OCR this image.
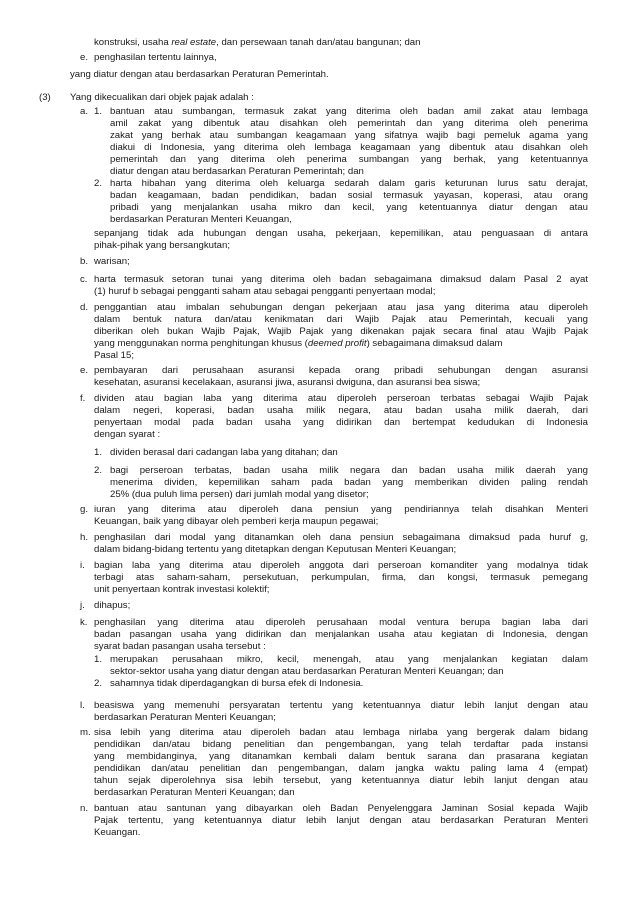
konstruksi, usaha real estate, dan persewaan tanah dan/atau bangunan; dan

e. penghasilan tertentu lainnya,

yang diatur dengan atau berdasarkan Peraturan Pemerintah.

(3) Yang dikecualikan dari objek pajak adalah :

a. 1. bantuan atau sumbangan, termasuk zakat yang diterima oleh badan amil zakat atau lembaga

amil zakat yang dibentuk atau disahkan oleh pemerintah dan yang diterima oleh penerima

zakat yang berhak atau sumbangan keagamaan yang sifatnya wajib bagi pemeluk agama yang

diakui di Indonesia, yang diterima oleh lembaga keagamaan yang dibentuk atau disahkan oleh

pemerintah dan yang diterima oleh penerima sumbangan yang berhak, yang ketentuannya

diatur dengan atau berdasarkan Peraturan Pemerintah; dan

2. harta hibahan yang diterima oleh keluarga sedarah dalam garis keturunan lurus satu derajat,

badan keagamaan, badan pendidikan, badan sosial termasuk yayasan, koperasi, atau orang

pribadi yang menjalankan usaha mikro dan kecil, yang ketentuannya diatur dengan atau

berdasarkan Peraturan Menteri Keuangan,

sepanjang tidak ada hubungan dengan usaha, pekerjaan, kepemilikan, atau penguasaan di antara

pihak-pihak yang bersangkutan;

b. warisan;

c. harta termasuk setoran tunai yang diterima oleh badan sebagaimana dimaksud dalam Pasal 2 ayat

(1) huruf b sebagai pengganti saham atau sebagai pengganti penyertaan modal;

d. penggantian atau imbalan sehubungan dengan pekerjaan atau jasa yang diterima atau diperoleh

dalam bentuk natura dan/atau kenikmatan dari Wajib Pajak atau Pemerintah, kecuali yang

diberikan oleh bukan Wajib Pajak, Wajib Pajak yang dikenakan pajak secara final atau Wajib Pajak

yang menggunakan norma penghitungan khusus (deemed profit) sebagaimana dimaksud dalam

Pasal 15;

e. pembayaran dari perusahaan asuransi kepada orang pribadi sehubungan dengan asuransi

kesehatan, asuransi kecelakaan, asuransi jiwa, asuransi dwiguna, dan asuransi bea siswa;

f. dividen atau bagian laba yang diterima atau diperoleh perseroan terbatas sebagai Wajib Pajak

dalam negeri, koperasi, badan usaha milik negara, atau badan usaha milik daerah, dari

penyertaan modal pada badan usaha yang didirikan dan bertempat kedudukan di Indonesia

dengan syarat :

1. dividen berasal dari cadangan laba yang ditahan; dan

2. bagi perseroan terbatas, badan usaha milik negara dan badan usaha milik daerah yang

menerima dividen, kepemilikan saham pada badan yang memberikan dividen paling rendah

25% (dua puluh lima persen) dari jumlah modal yang disetor;

g. iuran yang diterima atau diperoleh dana pensiun yang pendiriannya telah disahkan Menteri

Keuangan, baik yang dibayar oleh pemberi kerja maupun pegawai;

h. penghasilan dari modal yang ditanamkan oleh dana pensiun sebagaimana dimaksud pada huruf g,

dalam bidang-bidang tertentu yang ditetapkan dengan Keputusan Menteri Keuangan;

i. bagian laba yang diterima atau diperoleh anggota dari perseroan komanditer yang modalnya tidak

terbagi atas saham-saham, persekutuan, perkumpulan, firma, dan kongsi, termasuk pemegang

unit penyertaan kontrak investasi kolektif;

j. dihapus;

k. penghasilan yang diterima atau diperoleh perusahaan modal ventura berupa bagian laba dari

badan pasangan usaha yang didirikan dan menjalankan usaha atau kegiatan di Indonesia, dengan

syarat badan pasangan usaha tersebut :

1. merupakan perusahaan mikro, kecil, menengah, atau yang menjalankan kegiatan dalam

sektor-sektor usaha yang diatur dengan atau berdasarkan Peraturan Menteri Keuangan; dan

2. sahamnya tidak diperdagangkan di bursa efek di Indonesia.

l. beasiswa yang memenuhi persyaratan tertentu yang ketentuannya diatur lebih lanjut dengan atau

berdasarkan Peraturan Menteri Keuangan;

m. sisa lebih yang diterima atau diperoleh badan atau lembaga nirlaba yang bergerak dalam bidang

pendidikan dan/atau bidang penelitian dan pengembangan, yang telah terdaftar pada instansi

yang membidanginya, yang ditanamkan kembali dalam bentuk sarana dan prasarana kegiatan

pendidikan dan/atau penelitian dan pengembangan, dalam jangka waktu paling lama 4 (empat)

tahun sejak diperolehnya sisa lebih tersebut, yang ketentuannya diatur lebih lanjut dengan atau

berdasarkan Peraturan Menteri Keuangan; dan

n. bantuan atau santunan yang dibayarkan oleh Badan Penyelenggara Jaminan Sosial kepada Wajib

Pajak tertentu, yang ketentuannya diatur lebih lanjut dengan atau berdasarkan Peraturan Menteri

Keuangan.
